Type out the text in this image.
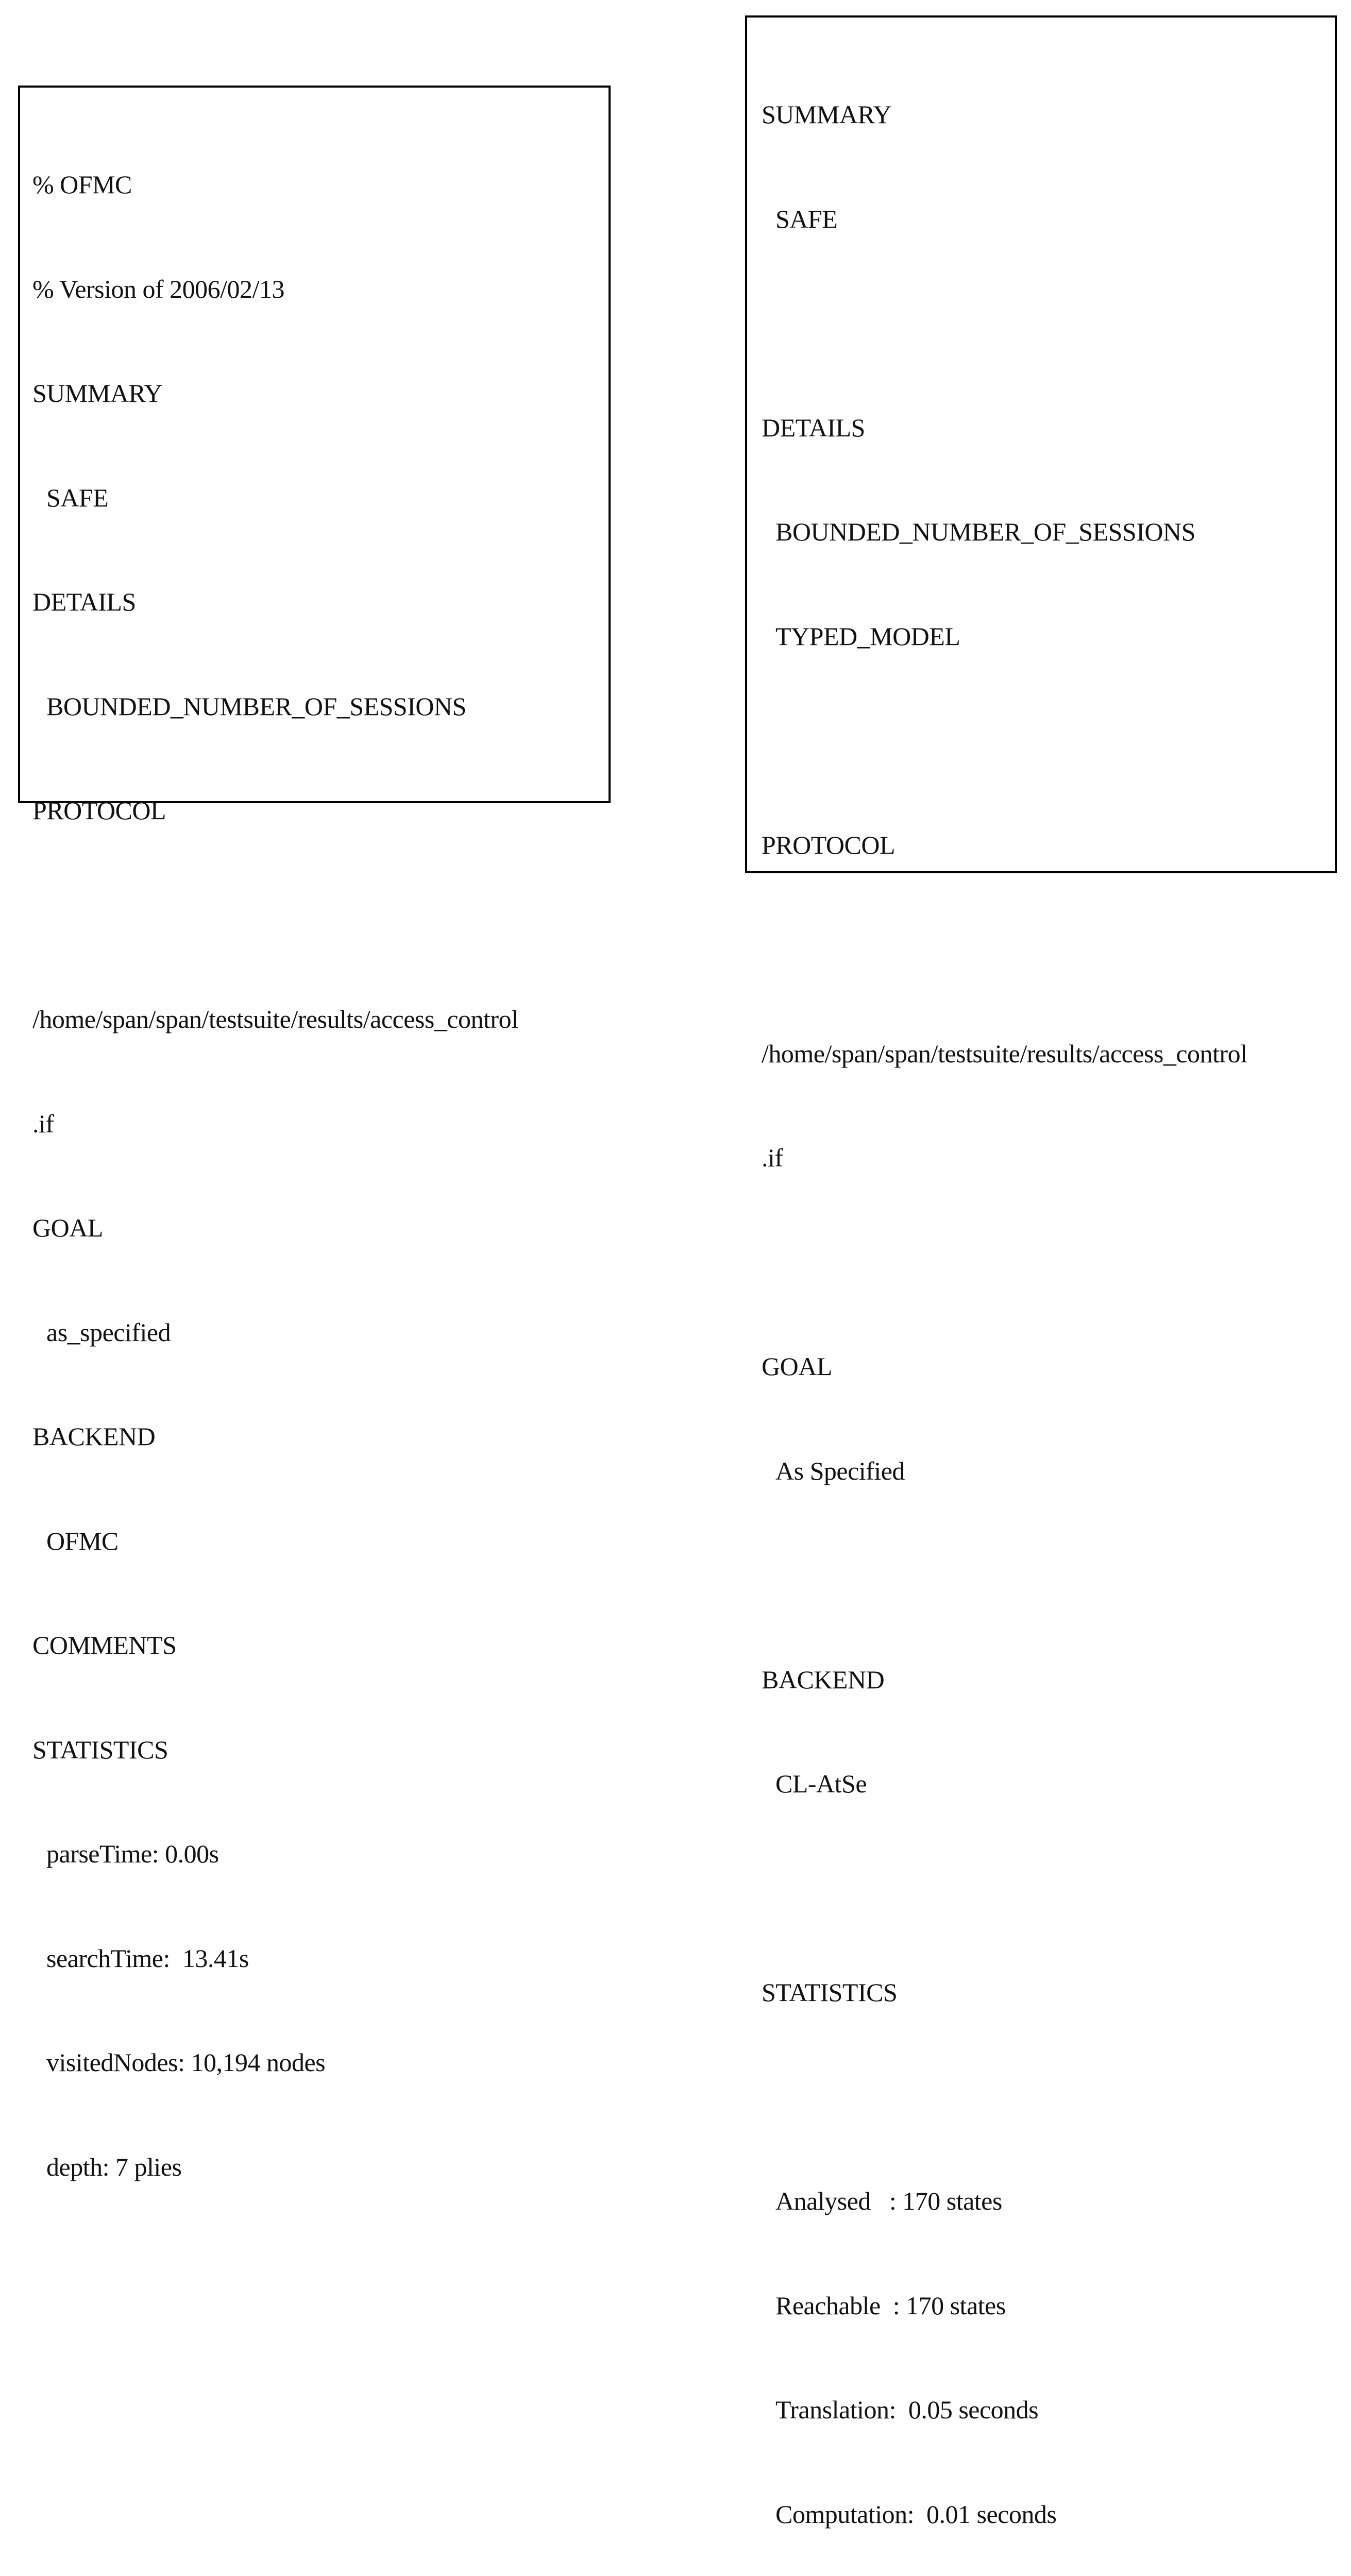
% OFMC

% Version of 2006/02/13

SUMMARY

SAFE

DETAILS

BOUNDED_NUMBER_OF_SESSIONS

PROTOCOL

/home/span/span/testsuite/results/access_control

.if

GOAL

as_specified

BACKEND

OFMC

COMMENTS

STATISTICS

parseTime: 0.00s

searchTime:  13.41s

visitedNodes: 10,194 nodes

depth: 7 plies

SUMMARY

SAFE

DETAILS

BOUNDED_NUMBER_OF_SESSIONS

TYPED_MODEL

PROTOCOL

/home/span/span/testsuite/results/access_control

.if

GOAL

As Specified

BACKEND

CL-AtSe

STATISTICS

Analysed   : 170 states

Reachable  : 170 states

Translation:  0.05 seconds

Computation:  0.01 seconds
